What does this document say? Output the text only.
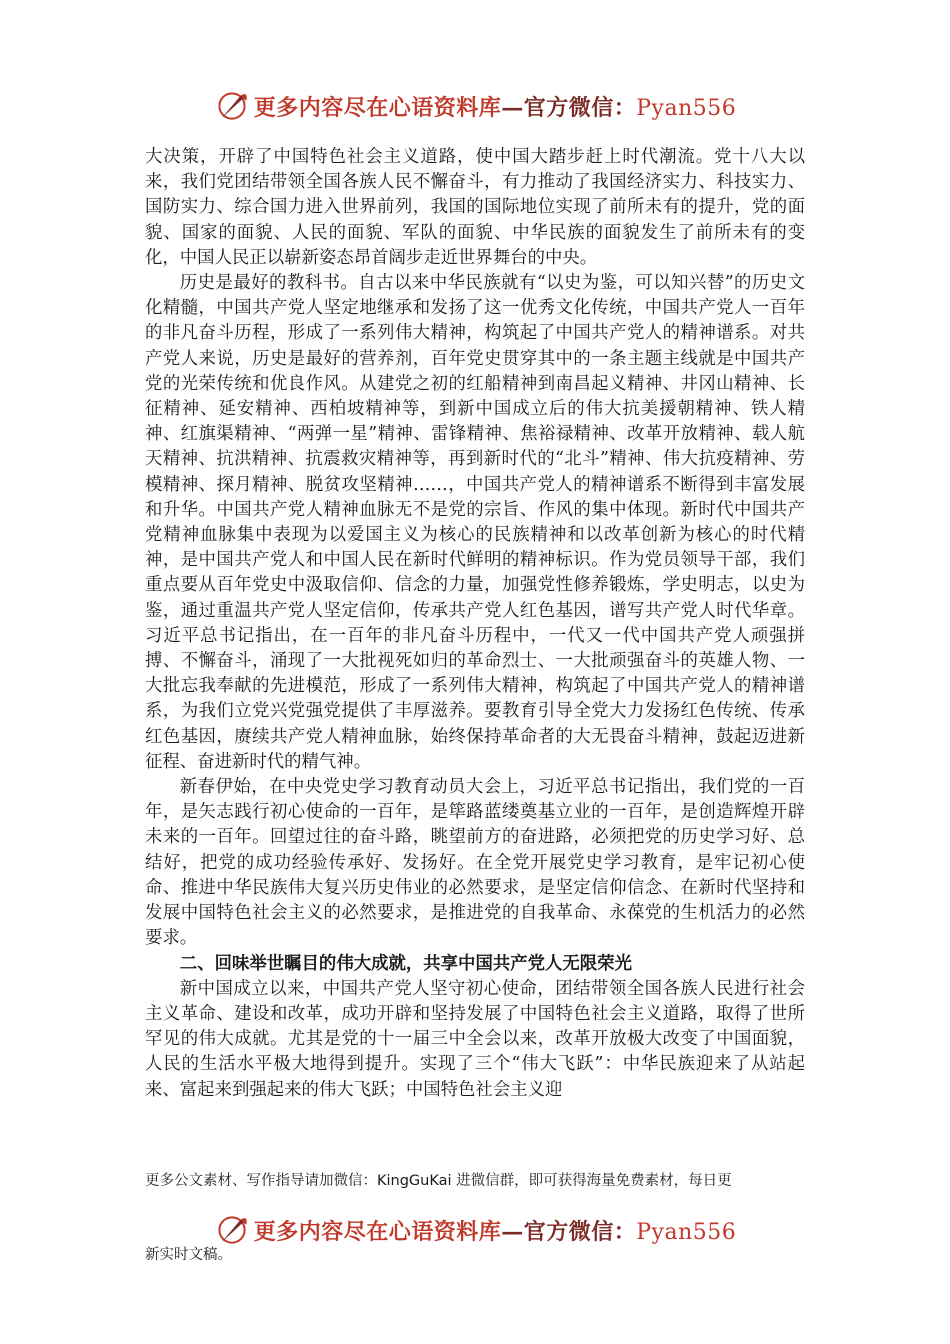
更多内容尽在心语资料库—官方微信：Pyan556

大决策，开辟了中国特色社会主义道路，使中国大踏步赶上时代潮流。党十八大以来，我们党团结带领全国各族人民不懈奋斗，有力推动了我国经济实力、科技实力、国防实力、综合国力进入世界前列，我国的国际地位实现了前所未有的提升，党的面貌、国家的面貌、人民的面貌、军队的面貌、中华民族的面貌发生了前所未有的变化，中国人民正以崭新姿态昂首阔步走近世界舞台的中央。

历史是最好的教科书。自古以来中华民族就有“以史为鉴，可以知兴替”的历史文化精髓，中国共产党人坚定地继承和发扬了这一优秀文化传统，中国共产党人一百年的非凡奋斗历程，形成了一系列伟大精神，构筑起了中国共产党人的精神谱系。对共产党人来说，历史是最好的营养剂，百年党史贯穿其中的一条主题主线就是中国共产党的光荣传统和优良作风。从建党之初的红船精神到南昌起义精神、井冈山精神、长征精神、延安精神、西柏坡精神等，到新中国成立后的伟大抗美援朝精神、铁人精神、红旗渠精神、“两弹一星”精神、雷锋精神、焦裕禄精神、改革开放精神、载人航天精神、抗洪精神、抗震救灾精神等，再到新时代的“北斗”精神、伟大抗疫精神、劳模精神、探月精神、脱贫攻坚精神……，中国共产党人的精神谱系不断得到丰富发展和升华。中国共产党人精神血脉无不是党的宗旨、作风的集中体现。新时代中国共产党精神血脉集中表现为以爱国主义为核心的民族精神和以改革创新为核心的时代精神，是中国共产党人和中国人民在新时代鲜明的精神标识。作为党员领导干部，我们重点要从百年党史中汲取信仰、信念的力量，加强党性修养锻炼，学史明志，以史为鉴，通过重温共产党人坚定信仰，传承共产党人红色基因，谱写共产党人时代华章。习近平总书记指出，在一百年的非凡奋斗历程中，一代又一代中国共产党人顽强拼搏、不懈奋斗，涌现了一大批视死如归的革命烈士、一大批顽强奋斗的英雄人物、一大批忘我奉献的先进模范，形成了一系列伟大精神，构筑起了中国共产党人的精神谱系，为我们立党兴党强党提供了丰厚滋养。要教育引导全党大力发扬红色传统、传承红色基因，赓续共产党人精神血脉，始终保持革命者的大无畏奋斗精神，鼓起迈进新征程、奋进新时代的精气神。

新春伊始，在中央党史学习教育动员大会上，习近平总书记指出，我们党的一百年，是矢志践行初心使命的一百年，是筚路蓝缕奠基立业的一百年，是创造辉煌开辟未来的一百年。回望过往的奋斗路，眺望前方的奋进路，必须把党的历史学习好、总结好，把党的成功经验传承好、发扬好。在全党开展党史学习教育，是牢记初心使命、推进中华民族伟大复兴历史伟业的必然要求，是坚定信仰信念、在新时代坚持和发展中国特色社会主义的必然要求，是推进党的自我革命、永葆党的生机活力的必然要求。

二、回味举世瞩目的伟大成就，共享中国共产党人无限荣光

新中国成立以来，中国共产党人坚守初心使命，团结带领全国各族人民进行社会主义革命、建设和改革，成功开辟和坚持发展了中国特色社会主义道路，取得了世所罕见的伟大成就。尤其是党的十一届三中全会以来，改革开放极大改变了中国面貌，人民的生活水平极大地得到提升。实现了三个“伟大飞跃”：中华民族迎来了从站起来、富起来到强起来的伟大飞跃；中国特色社会主义迎

更多公文素材、写作指导请加微信：KingGuKai 进微信群，即可获得海量免费素材，每日更
更多内容尽在心语资料库—官方微信：Pyan556
新实时文稿。
